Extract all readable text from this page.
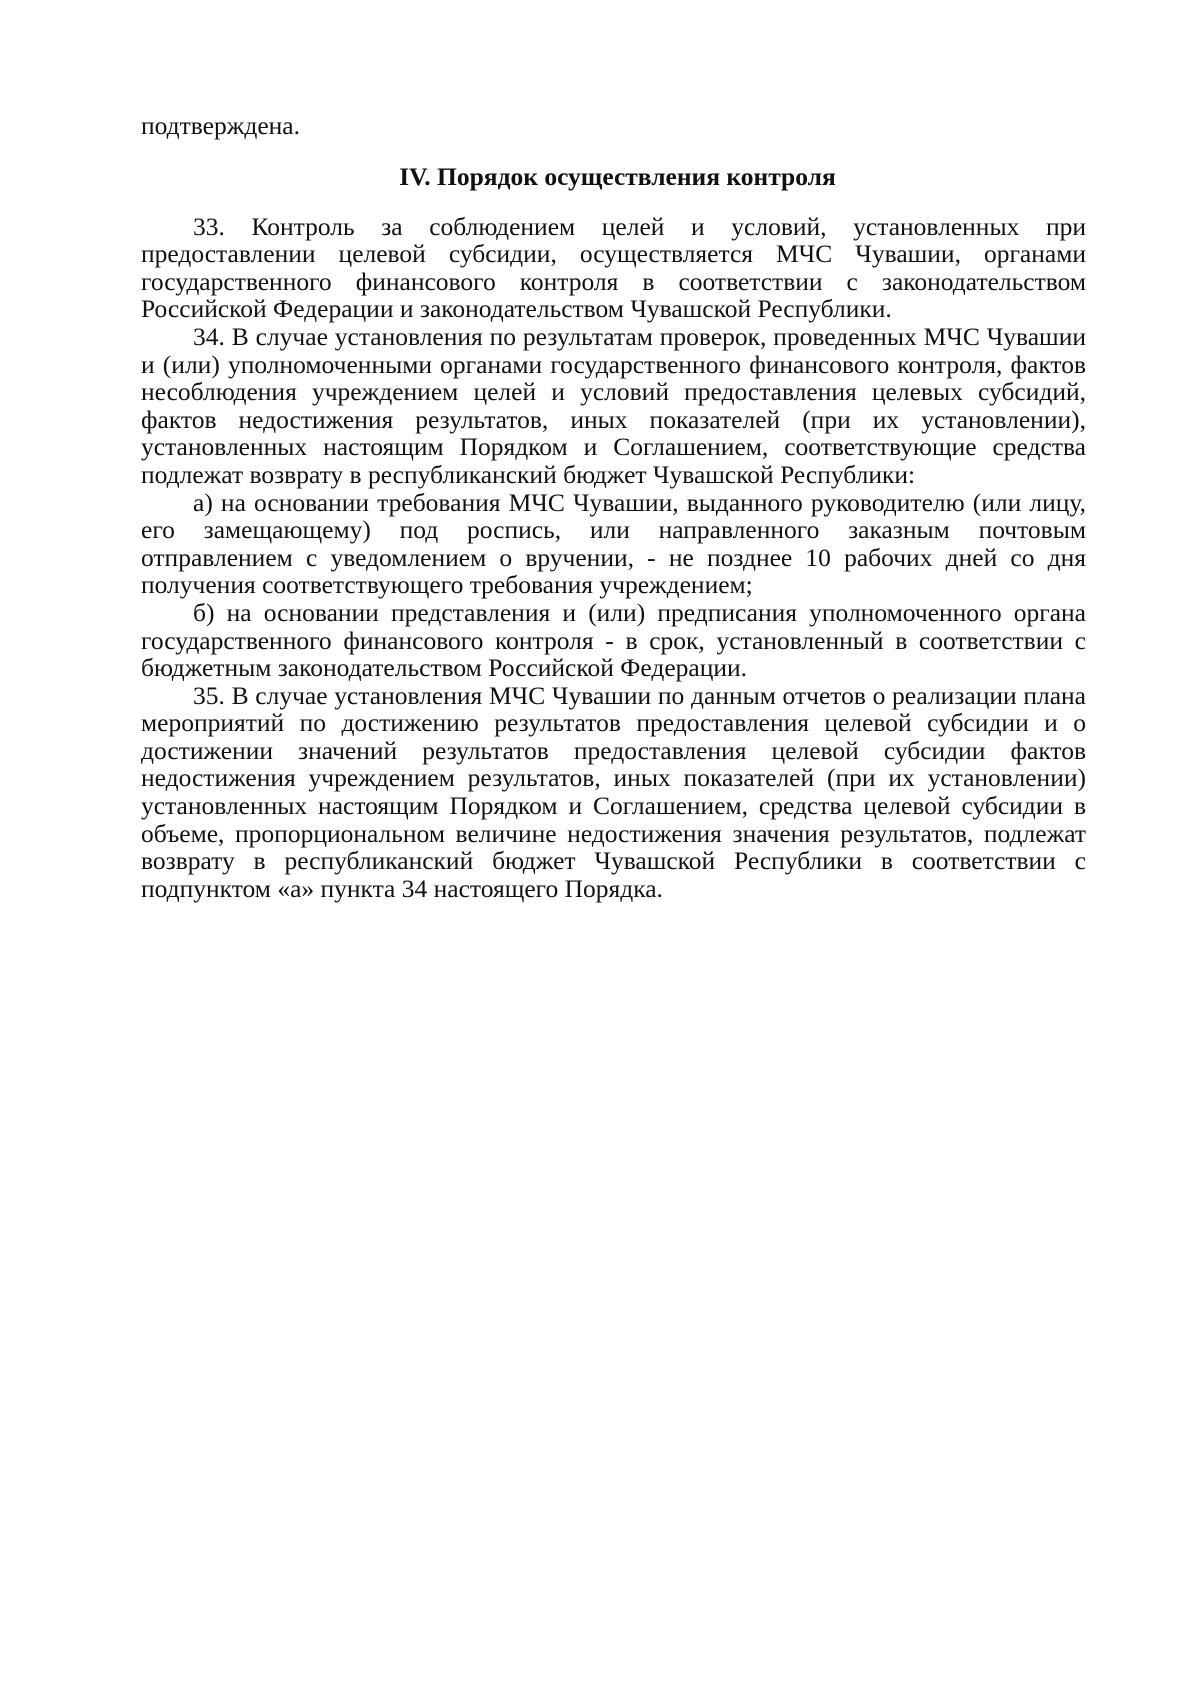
подтверждена.

IV. Порядок осуществления контроля

33. Контроль за соблюдением целей и условий, установленных при предоставлении целевой субсидии, осуществляется МЧС Чувашии, органами государственного финансового контроля в соответствии с законодательством Российской Федерации и законодательством Чувашской Республики.

34. В случае установления по результатам проверок, проведенных МЧС Чувашии и (или) уполномоченными органами государственного финансового контроля, фактов несоблюдения учреждением целей и условий предоставления целевых субсидий, фактов недостижения результатов, иных показателей (при их установлении), установленных настоящим Порядком и Соглашением, соответствующие средства подлежат возврату в республиканский бюджет Чувашской Республики:

а) на основании требования МЧС Чувашии, выданного руководителю (или лицу, его замещающему) под роспись, или направленного заказным почтовым отправлением с уведомлением о вручении, - не позднее 10 рабочих дней со дня получения соответствующего требования учреждением;

б) на основании представления и (или) предписания уполномоченного органа государственного финансового контроля - в срок, установленный в соответствии с бюджетным законодательством Российской Федерации.

35. В случае установления МЧС Чувашии по данным отчетов о реализации плана мероприятий по достижению результатов предоставления целевой субсидии и о достижении значений результатов предоставления целевой субсидии фактов недостижения учреждением результатов, иных показателей (при их установлении) установленных настоящим Порядком и Соглашением, средства целевой субсидии в объеме, пропорциональном величине недостижения значения результатов, подлежат возврату в республиканский бюджет Чувашской Республики в соответствии с подпунктом «а» пункта 34 настоящего Порядка.
